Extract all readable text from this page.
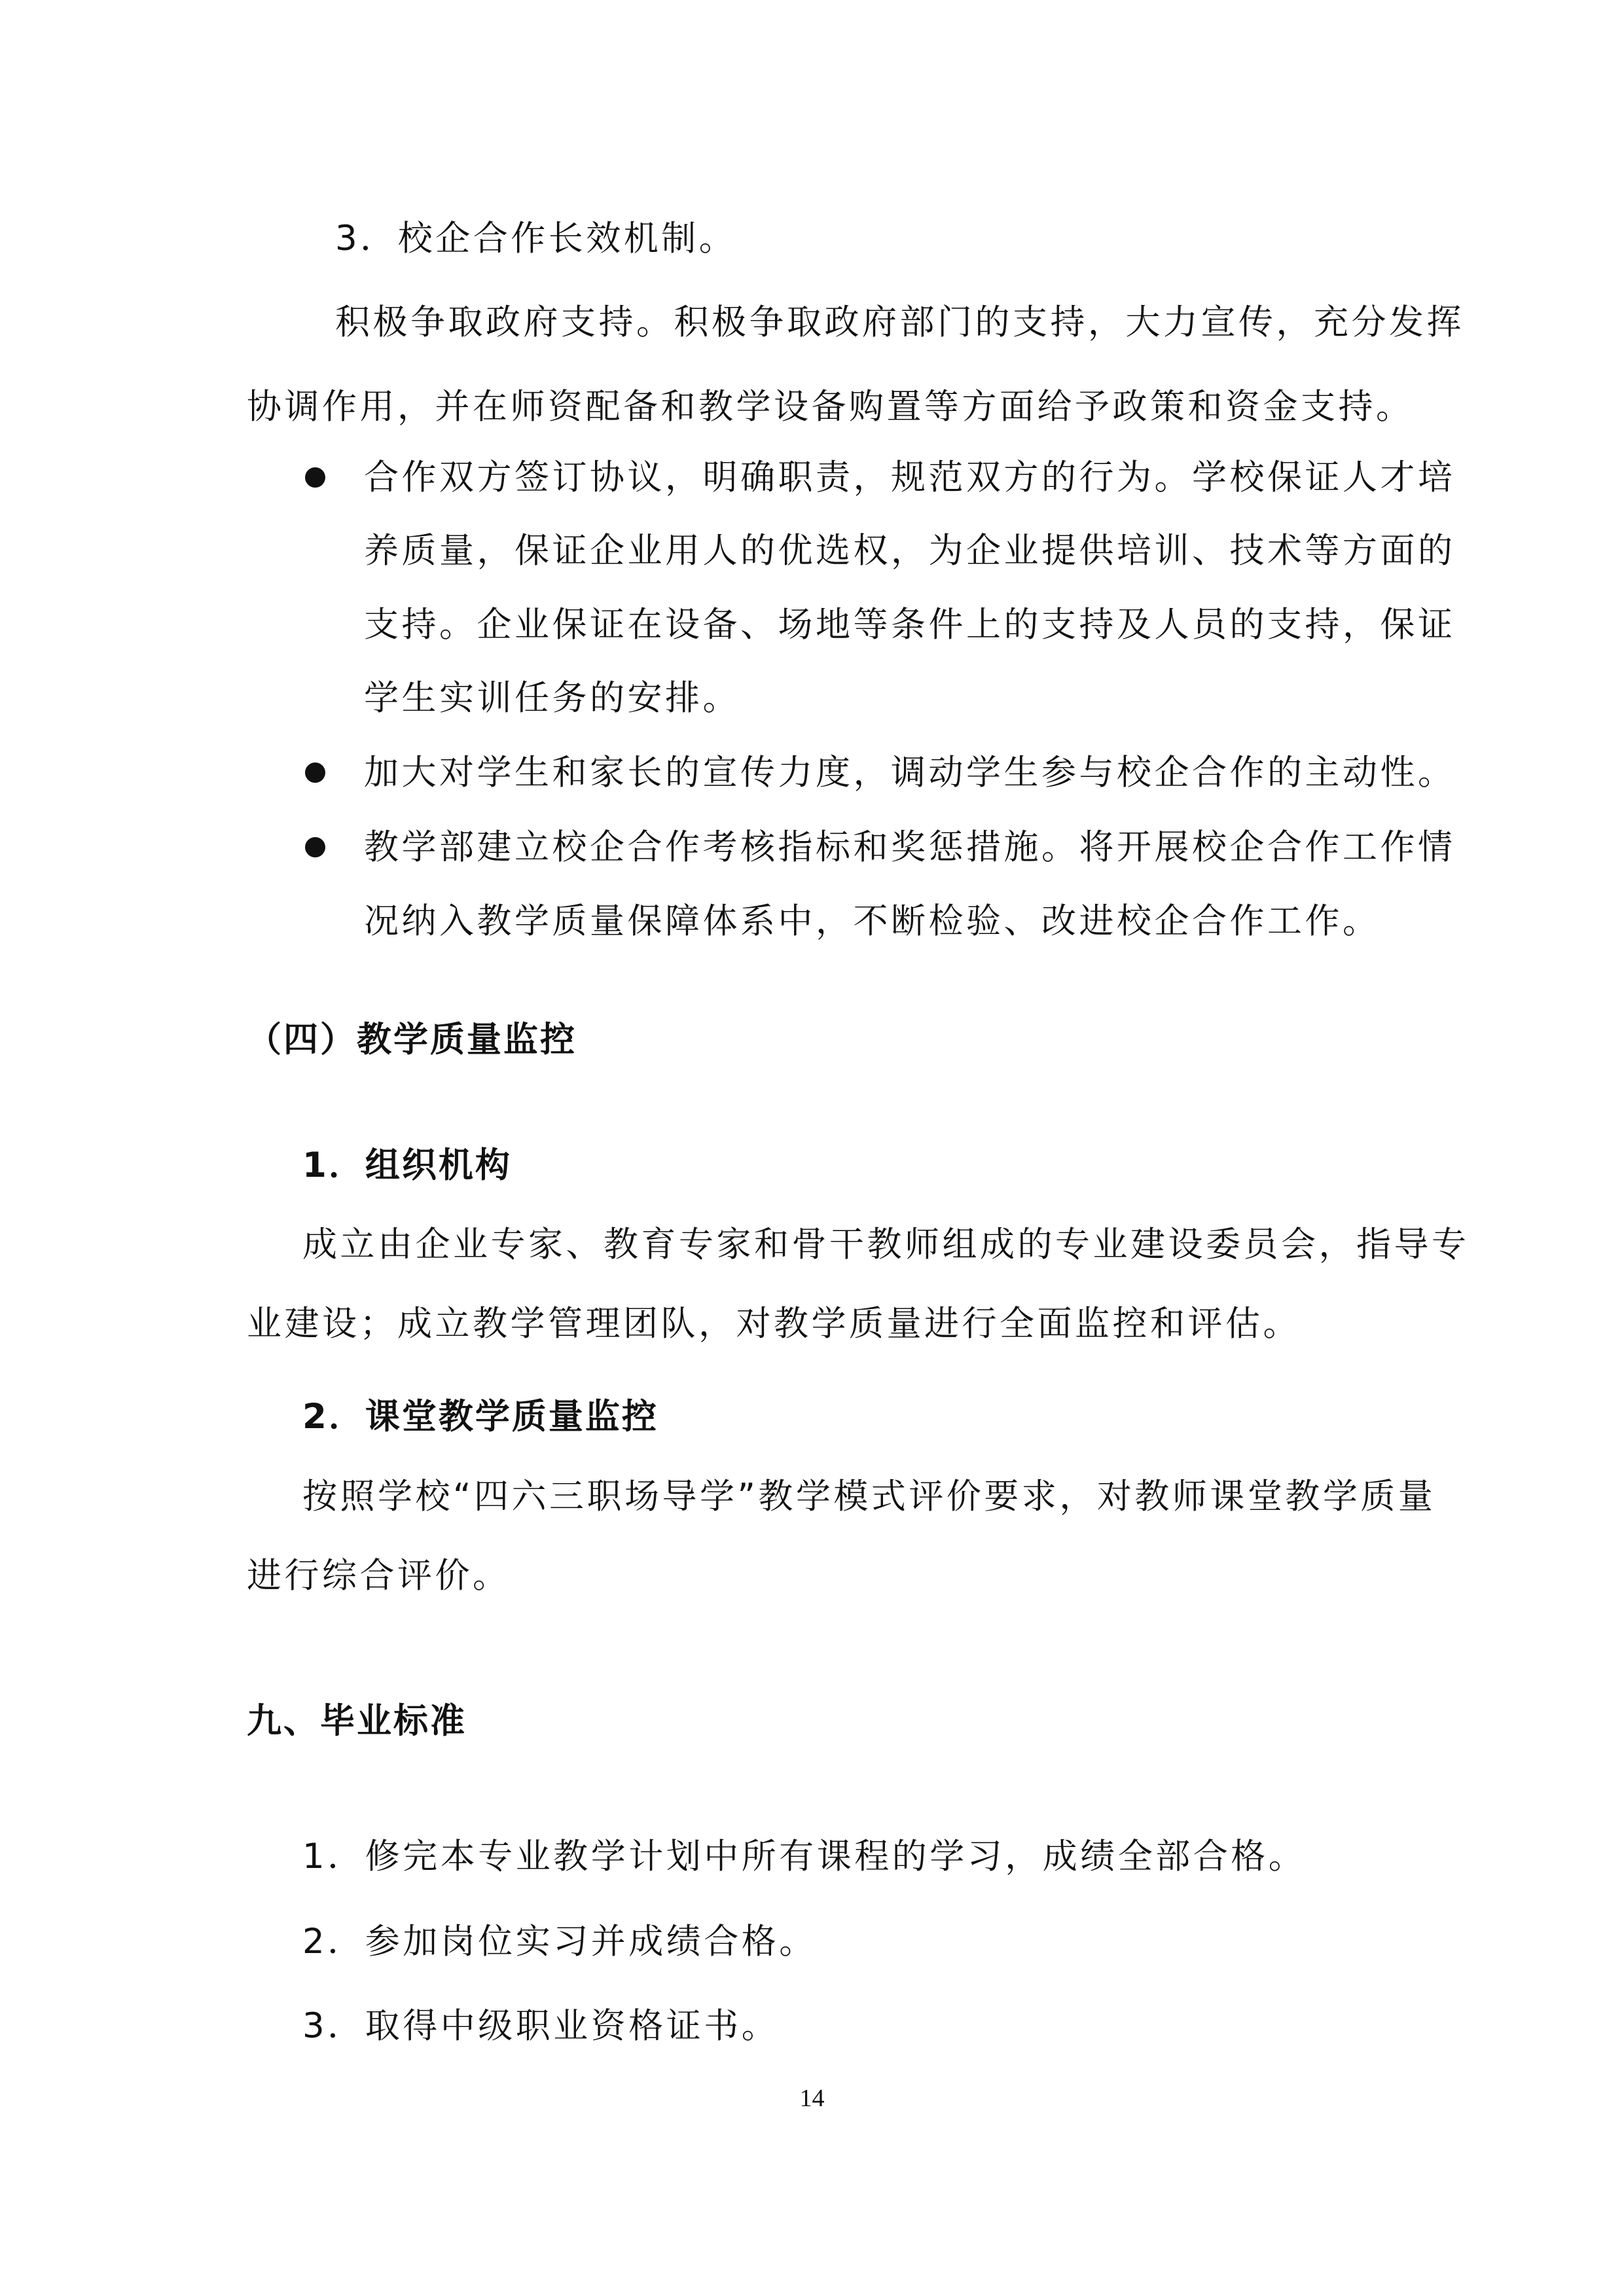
3．校企合作长效机制。
积极争取政府支持。积极争取政府部门的支持，大力宣传，充分发挥
协调作用，并在师资配备和教学设备购置等方面给予政策和资金支持。
合作双方签订协议，明确职责，规范双方的行为。学校保证人才培
养质量，保证企业用人的优选权，为企业提供培训、技术等方面的
支持。企业保证在设备、场地等条件上的支持及人员的支持，保证
学生实训任务的安排。
加大对学生和家长的宣传力度，调动学生参与校企合作的主动性。
教学部建立校企合作考核指标和奖惩措施。将开展校企合作工作情
况纳入教学质量保障体系中，不断检验、改进校企合作工作。
（四）教学质量监控
1．组织机构
成立由企业专家、教育专家和骨干教师组成的专业建设委员会，指导专
业建设；成立教学管理团队，对教学质量进行全面监控和评估。
2．课堂教学质量监控
按照学校“四六三职场导学”教学模式评价要求，对教师课堂教学质量
进行综合评价。
九、毕业标准
1．修完本专业教学计划中所有课程的学习，成绩全部合格。
2．参加岗位实习并成绩合格。
3．取得中级职业资格证书。
14
